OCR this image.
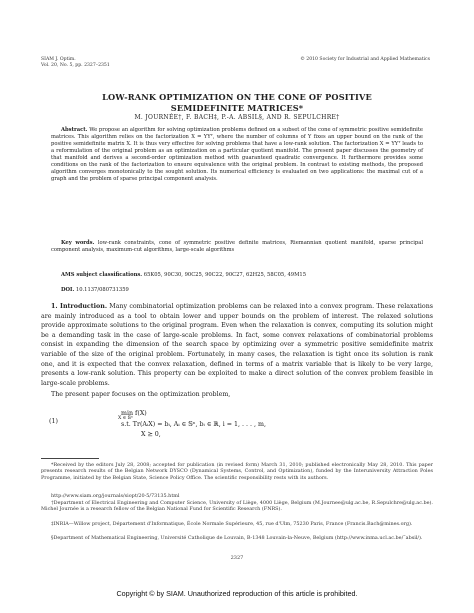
SIAM J. Optim.
Vol. 20, No. 5, pp. 2327–2351
© 2010 Society for Industrial and Applied Mathematics
LOW-RANK OPTIMIZATION ON THE CONE OF POSITIVE
SEMIDEFINITE MATRICES*
M. JOURNÉE†, F. BACH‡, P.-A. ABSIL§, AND R. SEPULCHRE†
Abstract. We propose an algorithm for solving optimization problems defined on a subset of the cone of symmetric positive semidefinite matrices. This algorithm relies on the factorization X = YYᵀ, where the number of columns of Y fixes an upper bound on the rank of the positive semidefinite matrix X. It is thus very effective for solving problems that have a low-rank solution. The factorization X = YYᵀ leads to a reformulation of the original problem as an optimization on a particular quotient manifold. The present paper discusses the geometry of that manifold and derives a second-order optimization method with guaranteed quadratic convergence. It furthermore provides some conditions on the rank of the factorization to ensure equivalence with the original problem. In contrast to existing methods, the proposed algorithm converges monotonically to the sought solution. Its numerical efficiency is evaluated on two applications: the maximal cut of a graph and the problem of sparse principal component analysis.
Key words. low-rank constraints, cone of symmetric positive definite matrices, Riemannian quotient manifold, sparse principal component analysis, maximum-cut algorithms, large-scale algorithms
AMS subject classifications. 65K05, 90C30, 90C25, 90C22, 90C27, 62H25, 58C05, 49M15
DOI. 10.1137/080731359
1. Introduction. Many combinatorial optimization problems can be relaxed into a convex program. These relaxations are mainly introduced as a tool to obtain lower and upper bounds on the problem of interest. The relaxed solutions provide approximate solutions to the original program. Even when the relaxation is convex, computing its solution might be a demanding task in the case of large-scale problems. In fact, some convex relaxations of combinatorial problems consist in expanding the dimension of the search space by optimizing over a symmetric positive semidefinite matrix variable of the size of the original problem. Fortunately, in many cases, the relaxation is tight once its solution is rank one, and it is expected that the convex relaxation, defined in terms of a matrix variable that is likely to be very large, presents a low-rank solution. This property can be exploited to make a direct solution of the convex problem feasible in large-scale problems.
The present paper focuses on the optimization problem,
(1)
min f(X)
X ∈ 𝕊ⁿ
s.t. Tr(AᵢX) = bᵢ, Aᵢ ∈ 𝕊ⁿ, bᵢ ∈ ℝ, i = 1, . . . , m,
X ⪰ 0,
*Received by the editors July 28, 2008; accepted for publication (in revised form) March 31, 2010; published electronically May 28, 2010. This paper presents research results of the Belgian Network DYSCO (Dynamical Systems, Control, and Optimization), funded by the Interuniversity Attraction Poles Programme, initiated by the Belgian State, Science Policy Office. The scientific responsibility rests with its authors.
http://www.siam.org/journals/siopt/20-5/73135.html
†Department of Electrical Engineering and Computer Science, University of Liège, 4000 Liège, Belgium (M.Journee@ulg.ac.be, R.Sepulchre@ulg.ac.be). Michel Journée is a research fellow of the Belgian National Fund for Scientific Research (FNRS).
‡INRIA—Willow project, Département d'Informatique, École Normale Supérieure, 45, rue d'Ulm, 75230 Paris, France (Francis.Bach@mines.org).
§Department of Mathematical Engineering, Université Catholique de Louvain, B-1348 Louvain-la-Neuve, Belgium (http://www.inma.ucl.ac.be/˜absil/).
2327
Copyright © by SIAM. Unauthorized reproduction of this article is prohibited.
